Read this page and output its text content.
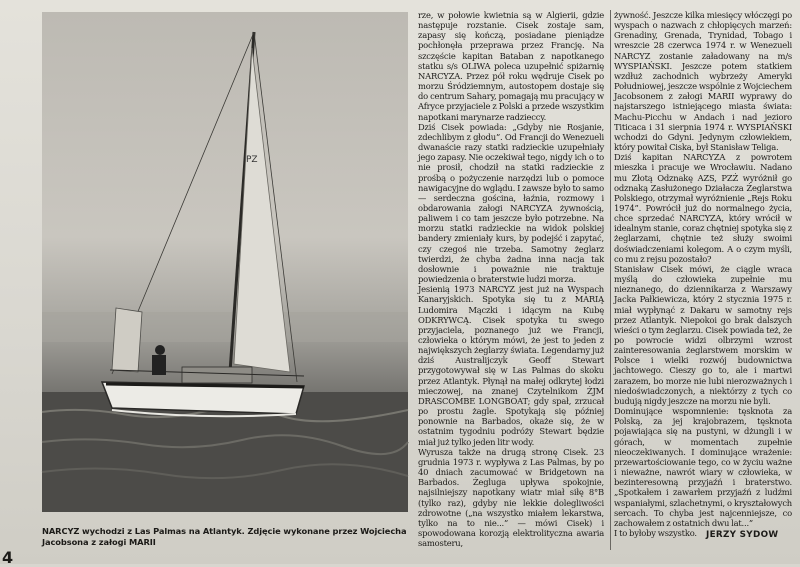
PZ
NARCYZ wychodzi z Las Palmas na Atlantyk. Zdjęcie wykonane przez Wojciecha Jacobsona z załogi MARII
rze, w połowie kwietnia są w Algierii, gdzie następuje rozstanie. Cisek zostaje sam, zapasy się kończą, posiadane pieniądze pochłonęła przeprawa przez Francję. Na szczęście kapitan Bataban z napotkanego statku s/s OLIWA poleca uzupełnić spiżarnię NARCYZA. Przez pół roku wędruje Cisek po morzu Śródziemnym, autostopem dostaje się do centrum Sahary, pomagają mu pracujący w Afryce przyjaciele z Polski a przede wszystkim napotkani marynarze radzieccy.
Dziś Cisek powiada: „Gdyby nie Rosjanie, zdechlibym z głodu”. Od Francji do Wenezueli dwanaście razy statki radzieckie uzupełniały jego zapasy. Nie oczekiwał tego, nigdy ich o to nie prosił, chodził na statki radzieckie z prośbą o pożyczenie narzędzi lub o pomoce nawigacyjne do wglądu. I zawsze było to samo — serdeczna gościna, łaźnia, rozmowy i obdarowania załogi NARCYZA żywnością, paliwem i co tam jeszcze było potrzebne. Na morzu statki radzieckie na widok polskiej bandery zmieniały kurs, by podejść i zapytać, czy czegoś nie trzeba. Samotny żeglarz twierdzi, że chyba żadna inna nacja tak dosłownie i poważnie nie traktuje powiedzenia o braterstwie ludzi morza.
Jesienią 1973 NARCYZ jest już na Wyspach Kanaryjskich. Spotyka się tu z MARIĄ Ludomira Mączki i idącym na Kubę ODKRYWCĄ. Cisek spotyka tu swego przyjaciela, poznanego już we Francji, człowieka o którym mówi, że jest to jeden z największych żeglarzy świata. Legendarny już dziś Australijczyk Geoff Stewart przygotowywał się w Las Palmas do skoku przez Atlantyk. Płynął na małej odkrytej łodzi mieczowej, na znanej Czytelnikom ŻJM DRASCOMBE LONGBOAT; gdy spał, zrzucał po prostu żagle. Spotykają się później ponownie na Barbados, okaże się, że w ostatnim tygodniu podróży Stewart będzie miał już tylko jeden litr wody.
Wyrusza także na drugą stronę Cisek. 23 grudnia 1973 r. wypływa z Las Palmas, by po 40 dniach zacumować w Bridgetown na Barbados. Żegluga upływa spokojnie, najsilniejszy napotkany wiatr miał siłę 8°B (tylko raz), gdyby nie lekkie dolegliwości zdrowotne („na wszystko miałem lekarstwa, tylko na to nie...” — mówi Cisek) i spowodowana korozją elektrolityczna awaria samosteru,
żywność. Jeszcze kilka miesięcy włóczęgi po wyspach o nazwach z chłopięcych marzeń: Grenadiny, Grenada, Trynidad, Tobago i wreszcie 28 czerwca 1974 r. w Wenezueli NARCYZ zostanie załadowany na m/s WYSPIAŃSKI. Jeszcze potem statkiem wzdłuż zachodnich wybrzeży Ameryki Południowej, jeszcze wspólnie z Wojciechem Jacobsonem z załogi MARII wyprawy do najstarszego istniejącego miasta świata: Machu-Picchu w Andach i nad jezioro Titicaca i 31 sierpnia 1974 r. WYSPIAŃSKI wchodzi do Gdyni. Jedynym człowiekiem, który powitał Ciska, był Stanisław Teliga.
Dziś kapitan NARCYZA z powrotem mieszka i pracuje we Wrocławiu. Nadano mu Złotą Odznakę AZS, PZŻ wyróżnił go odznaką Zasłużonego Działacza Żeglarstwa Polskiego, otrzymał wyróżnienie „Rejs Roku 1974”. Powrócił już do normalnego życia, chce sprzedać NARCYZA, który wrócił w idealnym stanie, coraz chętniej spotyka się z żeglarzami, chętnie też służy swoimi doświadczeniami kolegom. A o czym myśli, co mu z rejsu pozostało?
Stanisław Cisek mówi, że ciągle wraca myślą do człowieka zupełnie mu nieznanego, do dziennikarza z Warszawy Jacka Pałkiewicza, który 2 stycznia 1975 r. miał wypłynąć z Dakaru w samotny rejs przez Atlantyk. Niepokoi go brak dalszych wieści o tym żeglarzu. Cisek powiada też, że po powrocie widzi olbrzymi wzrost zainteresowania żeglarstwem morskim w Polsce i wielki rozwój budownictwa jachtowego. Cieszy go to, ale i martwi zarazem, bo morze nie lubi nierozważnych i niedoświadczonych, a niektórzy z tych co budują nigdy jeszcze na morzu nie byli.
Dominujące wspomnienie: tęsknota za Polską, za jej krajobrazem, tęsknota pojawiająca się na pustyni, w dżungli i w górach, w momentach zupełnie nieoczekiwanych. I dominujące wrażenie: przewartościowanie tego, co w życiu ważne i nieważne, nawrót wiary w człowieka, w bezinteresowną przyjaźń i braterstwo. „Spotkałem i zawarłem przyjaźń z ludźmi wspaniałymi, szlachetnymi, o kryształowych sercach. To chyba jest najcenniejsze, co zachowałem z ostatnich dwu lat...”
I to byłoby wszystko.	JERZY SYDOW
4
